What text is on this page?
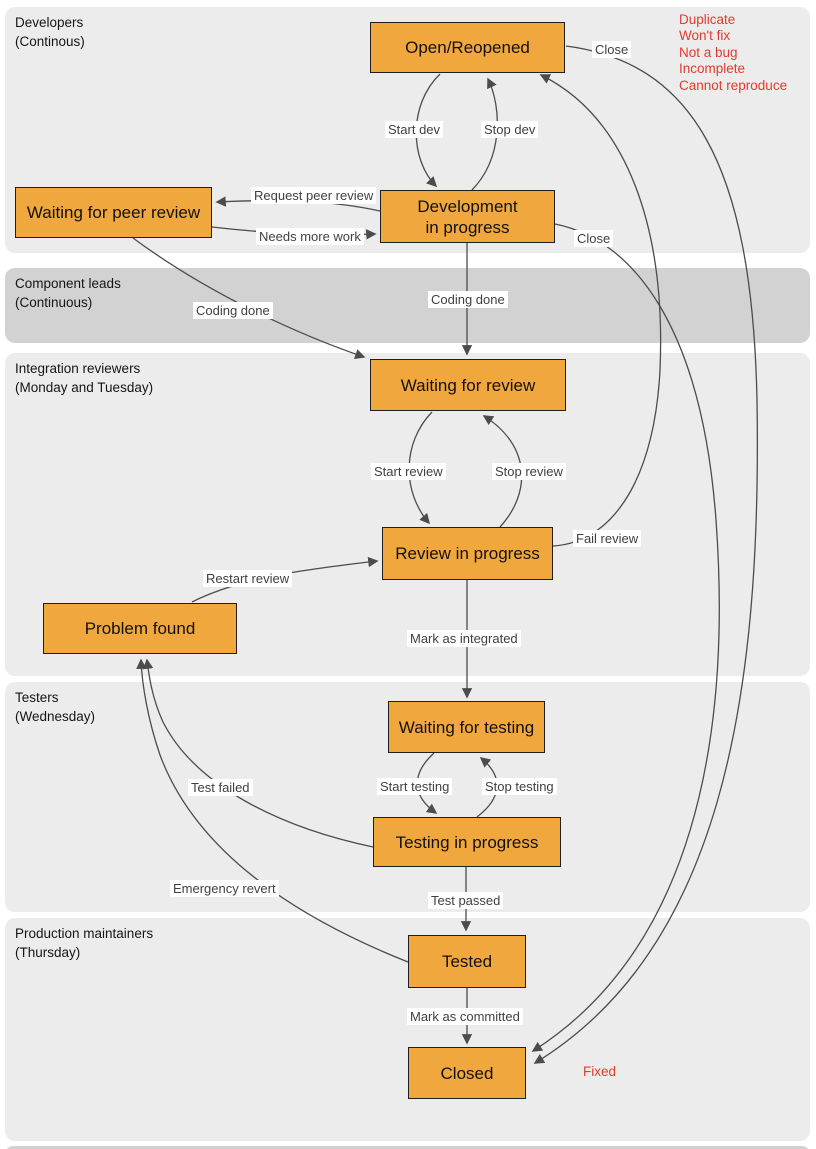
Developers
(Continous)
Component leads
(Continuous)
Integration reviewers
(Monday and Tuesday)
Testers
(Wednesday)
Production maintainers
(Thursday)
Open/Reopened
Waiting for peer review	Development
in progress
Waiting for review
Review in progress
Problem found
Waiting for testing
Testing in progress
Tested
Closed
Close
Start dev	Stop dev
Request peer review
Needs more work	Close
Coding done
Coding done
Start review	Stop review
Fail review
Restart review
Mark as integrated
Start testing	Stop testing
Test failed
Emergency revert
Test passed
Mark as committed
Duplicate
Won't fix
Not a bug
Incomplete
Cannot reproduce
Fixed
